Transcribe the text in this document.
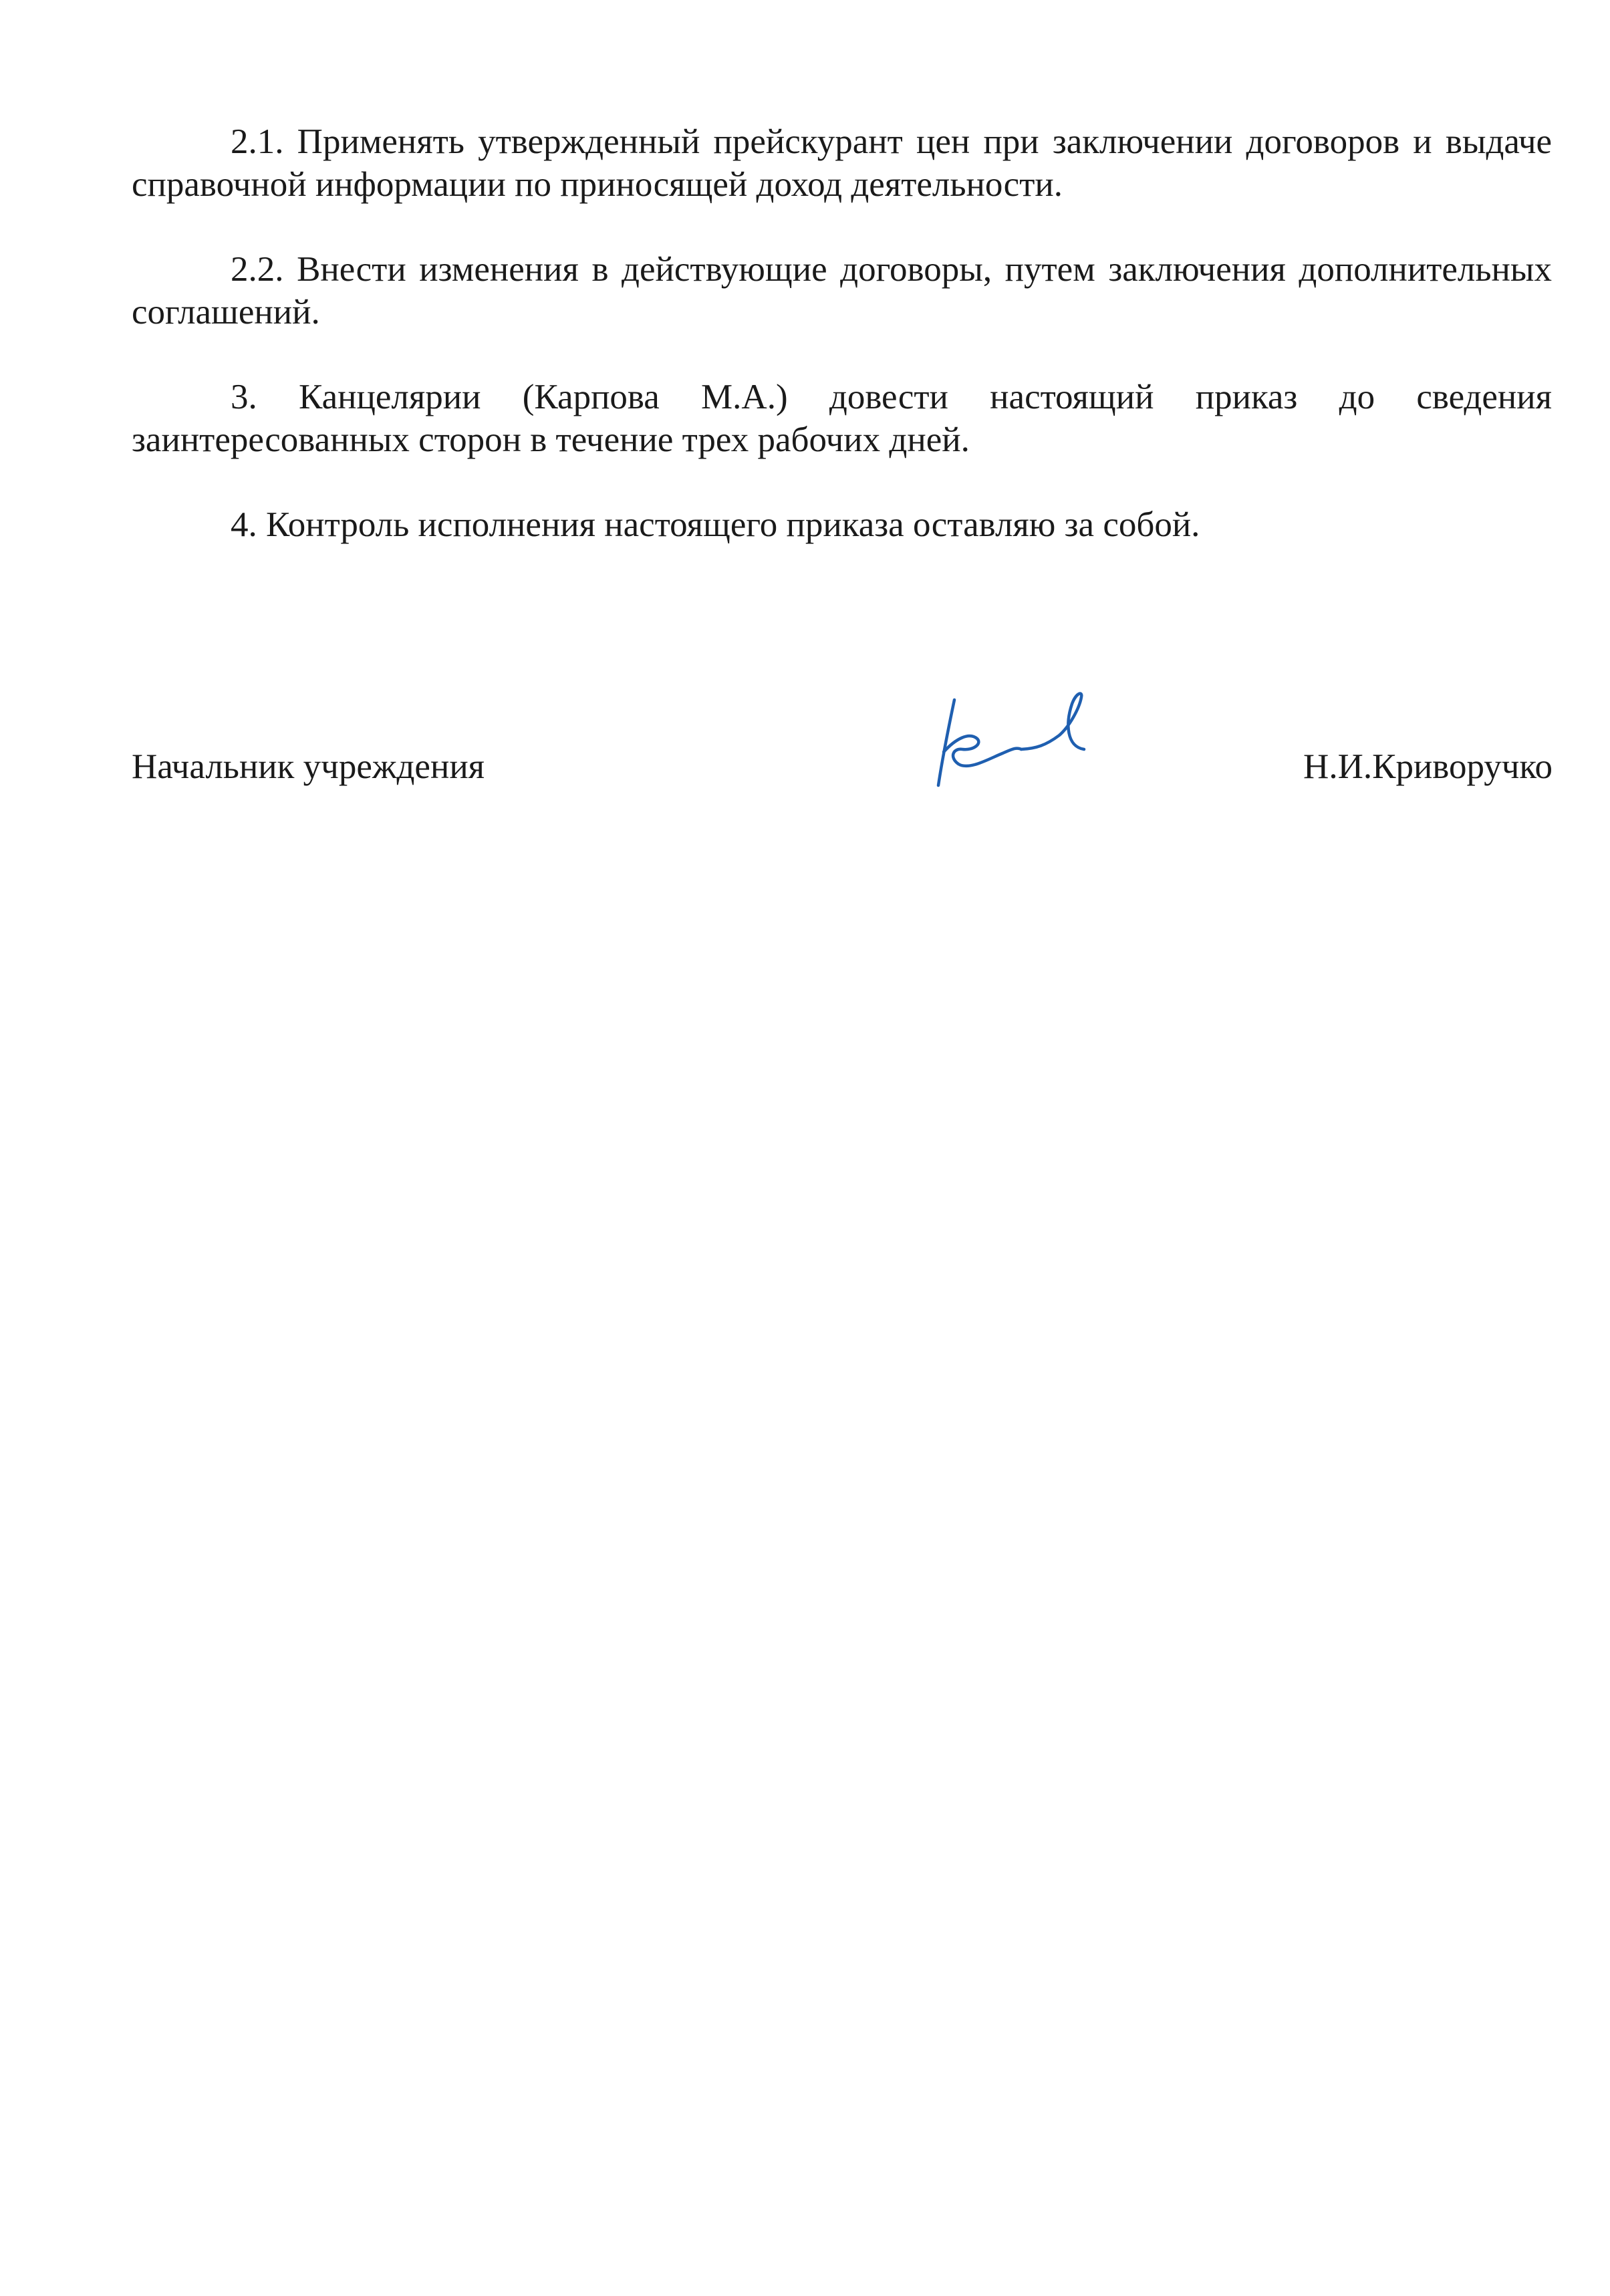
2.1. Применять утвержденный прейскурант цен при заключении договоров и выдаче справочной информации по приносящей доход деятельности.

2.2. Внести изменения в действующие договоры, путем заключения дополнительных соглашений.

3. Канцелярии (Карпова М.А.) довести настоящий приказ до сведения заинтересованных сторон в течение трех рабочих дней.

4. Контроль исполнения настоящего приказа оставляю за собой.

Начальник учреждения	Н.И.Криворучко
